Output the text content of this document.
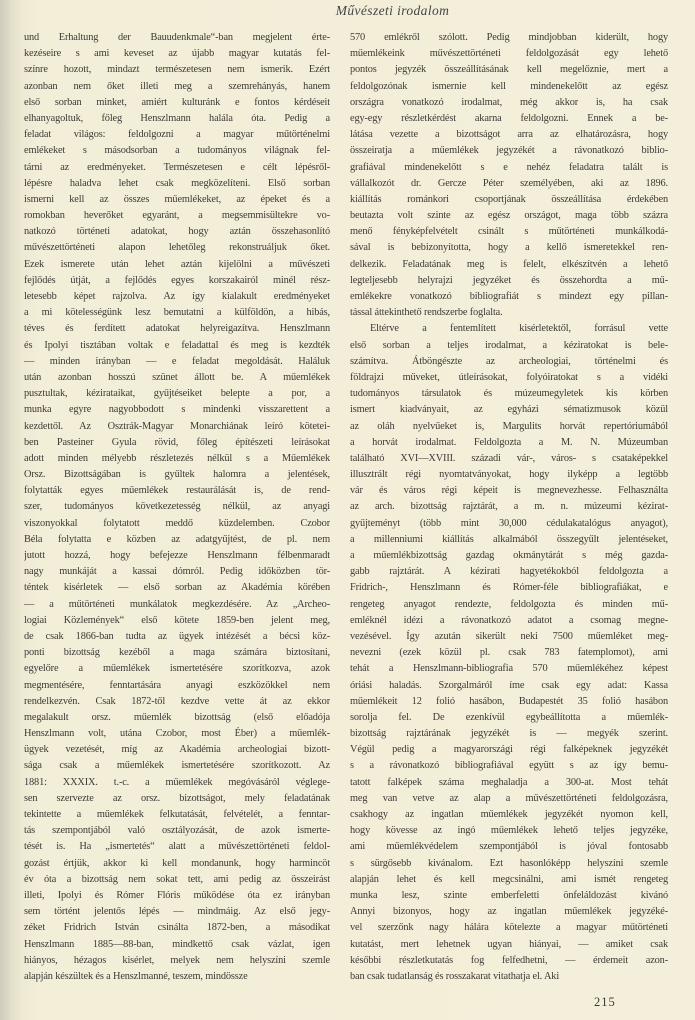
Művészeti irodalom
und Erhaltung der Bauudenkmale“-ban megjelent érte-
kezéseire s ami keveset az újabb magyar kutatás fel-
színre hozott, mindazt természetesen nem ismerik. Ezért
azonban nem őket illeti meg a szemrehányás, hanem
első sorban minket, amiért kulturánk e fontos kérdéseit
elhanyagoltuk, főleg Henszlmann halála óta. Pedig a
feladat világos: feldolgozni a magyar műtörténelmi
emlékeket s másodsorban a tudományos világnak fel-
tárni az eredményeket. Természetesen e célt lépésről-
lépésre haladva lehet csak megközelíteni. Első sorban
ismerni kell az összes műemlékeket, az épeket és a
romokban heverőket egyaránt, a megsemmisültekre vo-
natkozó történeti adatokat, hogy aztán összehasonlító
művészettörténeti alapon lehetőleg rekonstruáljuk őket.
Ezek ismerete után lehet aztán kijelölni a művészeti
fejlődés útját, a fejlődés egyes korszakairól minél rész-
letesebb képet rajzolva. Az így kialakult eredményeket
a mi kötelességünk lesz bemutatni a külföldön, a hibás,
téves és ferdített adatokat helyreigazítva. Henszlmann
és Ipolyi tisztában voltak e feladattal és meg is kezdték
— minden irányban — e feladat megoldását. Haláluk
után azonban hosszú szünet állott be. A műemlékek
pusztultak, kézirataikat, gyűjtéseiket belepte a por, a
munka egyre nagyobbodott s mindenki visszarettent a
kezdettől. Az Osztrák-Magyar Monarchiának leíró kötetei-
ben Pasteiner Gyula rövid, főleg építészeti leírásokat
adott minden mélyebb részletezés nélkül s a Műemlékek
Orsz. Bizottságában is gyűltek halomra a jelentések,
folytatták egyes műemlékek restaurálását is, de rend-
szer, tudományos következetesség nélkül, az anyagi
viszonyokkal folytatott meddő küzdelemben. Czobor
Béla folytatta e közben az adatgyűjtést, de pl. nem
jutott hozzá, hogy befejezze Henszlmann félbenmaradt
nagy munkáját a kassai dómról. Pedig időközben tör-
téntek kisérletek — első sorban az Akadémia körében
— a műtörténeti munkálatok megkezdésére. Az „Archeo-
logiai Közlemények“ első kötete 1859-ben jelent meg,
de csak 1866-ban tudta az ügyek intézését a bécsi köz-
ponti bizottság kezéből a maga számára biztosítani,
egyelőre a műemlékek ismertetésére szorítkozva, azok
megmentésére, fenntartására anyagi eszközökkel nem
rendelkezvén. Csak 1872-től kezdve vette át az ekkor
megalakult orsz. műemlék bizottság (első előadója
Henszlmann volt, utána Czobor, most Éber) a műemlék-
ügyek vezetését, míg az Akadémia archeologiai bizott-
sága csak a műemlékek ismertetésére szorítkozott. Az
1881: XXXIX. t.-c. a műemlékek megóvásáról véglege-
sen szervezte az orsz. bizottságot, mely feladatának
tekintette a műemlékek felkutatását, felvételét, a fenntar-
tás szempontjából való osztályozását, de azok ismerte-
tését is. Ha „ismertetés“ alatt a művészettörténeti feldol-
gozást értjük, akkor ki kell mondanunk, hogy harmincöt
év óta a bizottság nem sokat tett, ami pedig az összeirást
illeti, Ipolyi és Rómer Flóris működése óta ez irányban
sem történt jelentős lépés — mindmáig. Az első jegy-
zéket Fridrich István csinálta 1872-ben, a másodikat
Henszlmann 1885—88-ban, mindkettő csak vázlat, igen
hiányos, hézagos kisérlet, melyek nem helyszíni szemle
alapján készültek és a Henszlmanné, teszem, mindössze
570 emlékről szólott. Pedig mindjobban kiderült, hogy
műemlékeink művészettörténeti feldolgozását egy lehető
pontos jegyzék összeállításának kell megelőznie, mert a
feldolgozónak ismernie kell mindenekelőtt az egész
országra vonatkozó irodalmat, még akkor is, ha csak
egy-egy részletkérdést akarna feldolgozni. Ennek a be-
látása vezette a bizottságot arra az elhatározásra, hogy
összeiratja a műemlékek jegyzékét a rávonatkozó biblio-
grafiával mindenekelőtt s e nehéz feladatra talált is
vállalkozót dr. Gercze Péter személyében, aki az 1896.
kiállítás románkori csoportjának összeállítása érdekében
beutazta volt szinte az egész országot, maga több százra
menő fényképfelvételt csinált s műtörténeti munkálkodá-
sával is bebizonyította, hogy a kellő ismeretekkel ren-
delkezik. Feladatának meg is felelt, elkészítvén a lehető
legteljesebb helyrajzi jegyzéket és összehordta a mű-
emlékekre vonatkozó bibliografiát s mindezt egy pillan-
tással áttekinthető rendszerbe foglalta.
Eltérve a fentemlített kisérletektől, forrásul vette
első sorban a teljes irodalmat, a kéziratokat is bele-
számítva. Átböngészte az archeologiai, történelmi és
földrajzi műveket, útleírásokat, folyóiratokat s a vidéki
tudományos társulatok és múzeumegyletek kis körben
ismert kiadványait, az egyházi sématizmusok közül
az oláh nyelvűeket is, Margulits horvát repertóriumából
a horvát irodalmat. Feldolgozta a M. N. Múzeumban
található XVI—XVIII. századi vár-, város- s csataképekkel
illusztrált régi nyomtatványokat, hogy ilyképp a legtöbb
vár és város régi képeit is megnevezhesse. Felhasználta
az arch. bizottság rajztárát, a m. n. múzeumi kézirat-
gyűjteményt (több mint 30,000 cédulakatalógus anyagot),
a millenniumi kiállítás alkalmából összegyűlt jelentéseket,
a műemlékbizottság gazdag okmánytárát s még gazda-
gabb rajztárát. A kézirati hagyetékokból feldolgozta a
Fridrich-, Henszlmann és Rómer-féle bibliografiákat, e
rengeteg anyagot rendezte, feldolgozta és minden mű-
emléknél idézi a rávonatkozó adatot a csomag megne-
vezésével. Így azután sikerült neki 7500 műemléket meg-
nevezni (ezek közül pl. csak 783 fatemplomot), ami
tehát a Henszlmann-bibliografia 570 műemlékéhez képest
óriási haladás. Szorgalmáról íme csak egy adat: Kassa
műemlékeit 12 folió hasábon, Budapestét 35 folió hasábon
sorolja fel. De ezenkívül egybeállította a műemlék-
bizottság rajztárának jegyzékét is — megyék szerint.
Végül pedig a magyarországi régi falképeknek jegyzékét
s a rávonatkozó bibliografiával együtt s az így bemu-
tatott falképek száma meghaladja a 300-at. Most tehát
meg van vetve az alap a művészettörténeti feldolgozásra,
csakhogy az ingatlan műemlékek jegyzékét nyomon kell,
hogy kövesse az ingó műemlékek lehető teljes jegyzéke,
ami műemlékvédelem szempontjából is jóval fontosabb
s sürgősebb kivánalom. Ezt hasonlóképp helyszíni szemle
alapján lehet és kell megcsinálni, ami ismét rengeteg
munka lesz, szinte emberfeletti önfeláldozást kivánó
Annyi bizonyos, hogy az ingatlan műemlékek jegyzéké-
vel szerzőnk nagy hálára kötelezte a magyar műtörténeti
kutatást, mert lehetnek ugyan hiányai, — amiket csak
későbbi részletkutatás fog felfedhetni, — érdemeit azon-
ban csak tudatlanság és rosszakarat vitathatja el. Aki
215
